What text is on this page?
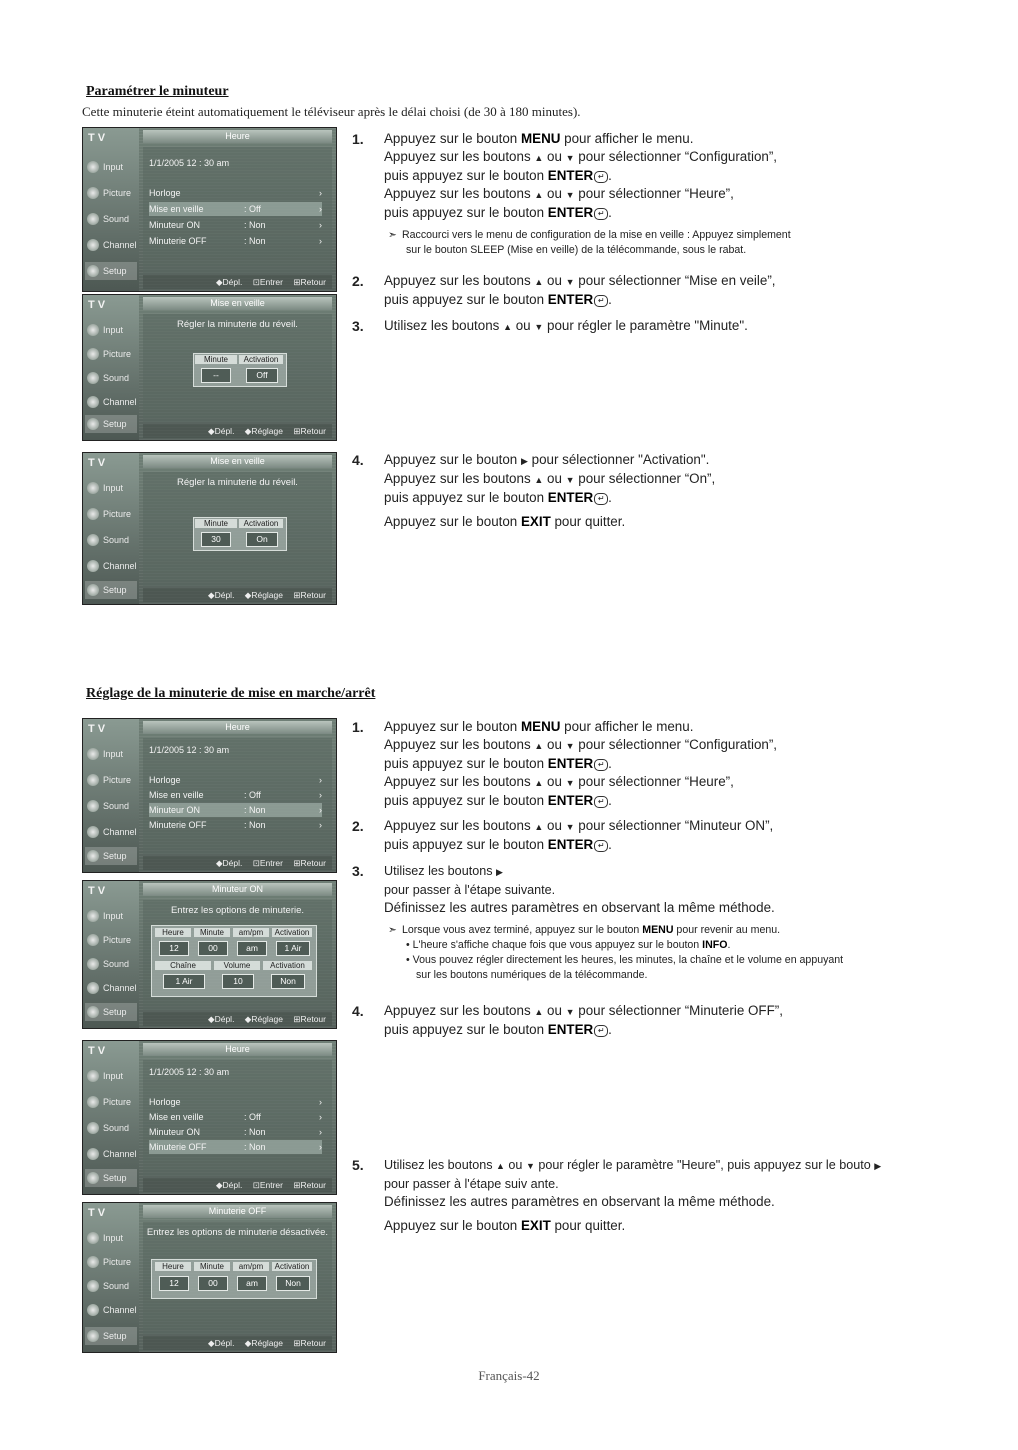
Paramétrer le minuteur
Cette minuterie éteint automatiquement le téléviseur après le délai choisi (de 30 à 180 minutes).
T V	Heure
Input
Picture
Sound
Channel
Setup
1/1/2005 12 : 30 am
Horloge	›
Mise en veille	: Off	›
Minuteur ON	: Non	›
Minuterie OFF	: Non	›
◆Dépl. ⊡Entrer ⊞Retour
T V	Mise en veille
Input
Picture
Sound
Channel
Setup
Régler la minuterie du réveil.
Minute	Activation
--	Off
◆Dépl. ◆Réglage ⊞Retour
T V	Mise en veille
Input
Picture
Sound
Channel
Setup
Régler la minuterie du réveil.
Minute	Activation
30	On
◆Dépl. ◆Réglage ⊞Retour
1. Appuyez sur le bouton MENU pour afficher le menu.
Appuyez sur les boutons ▲ ou ▼ pour sélectionner “Configuration”,
puis appuyez sur le bouton ENTER ↵ .
Appuyez sur les boutons ▲ ou ▼ pour sélectionner “Heure”,
puis appuyez sur le bouton ENTER ↵ .
➣ Raccourci vers le menu de configuration de la mise en veille : Appuyez simplement
sur le bouton SLEEP (Mise en veille) de la télécommande, sous le rabat.
2. Appuyez sur les boutons ▲ ou ▼ pour sélectionner “Mise en veile”,
puis appuyez sur le bouton ENTER ↵ .
3. Utilisez les boutons ▲ ou ▼ pour régler le paramètre "Minute".
4. Appuyez sur le bouton ▶ pour sélectionner "Activation".
Appuyez sur les boutons ▲ ou ▼ pour sélectionner “On”,
puis appuyez sur le bouton ENTER ↵ .
Appuyez sur le bouton EXIT pour quitter.
Réglage de la minuterie de mise en marche/arrêt
T V	Heure
Input
Picture
Sound
Channel
Setup
1/1/2005 12 : 30 am
Horloge	›
Mise en veille	: Off	›
Minuteur ON	: Non	›
Minuterie OFF	: Non	›
◆Dépl. ⊡Entrer ⊞Retour
T V	Minuteur ON
Input
Picture
Sound
Channel
Setup
Entrez les options de minuterie.
Heure	Minute	am/pm	Activation
12	00	am	1 Air
Chaîne	Volume	Activation
1 Air	10	Non
◆Dépl. ◆Réglage ⊞Retour
T V	Heure
Input
Picture
Sound
Channel
Setup
1/1/2005 12 : 30 am
Horloge	›
Mise en veille	: Off	›
Minuteur ON	: Non	›
Minuterie OFF	: Non	›
◆Dépl. ⊡Entrer ⊞Retour
T V	Minuterie OFF
Input
Picture
Sound
Channel
Setup
Entrez les options de minuterie désactivée.
Heure	Minute	am/pm	Activation
12	00	am	Non
◆Dépl. ◆Réglage ⊞Retour
1. Appuyez sur le bouton MENU pour afficher le menu.
Appuyez sur les boutons ▲ ou ▼ pour sélectionner “Configuration”,
puis appuyez sur le bouton ENTER ↵ .
Appuyez sur les boutons ▲ ou ▼ pour sélectionner “Heure”,
puis appuyez sur le bouton ENTER ↵ .
2. Appuyez sur les boutons ▲ ou ▼ pour sélectionner “Minuteur ON”,
puis appuyez sur le bouton ENTER ↵ .
3. Utilisez les boutons ▶
pour passer à l'étape suivante.
Définissez les autres paramètres en observant la même méthode.
➣ Lorsque vous avez terminé, appuyez sur le bouton MENU pour revenir au menu.
• L'heure s'affiche chaque fois que vous appuyez sur le bouton INFO.
• Vous pouvez régler directement les heures, les minutes, la chaîne et le volume en appuyant
sur les boutons numériques de la télécommande.
4. Appuyez sur les boutons ▲ ou ▼ pour sélectionner “Minuterie OFF”,
puis appuyez sur le bouton ENTER ↵ .
5. Utilisez les boutons ▲ ou ▼ pour régler le paramètre "Heure", puis appuyez sur le bouto ▶
pour passer à l'étape suiv ante.
Définissez les autres paramètres en observant la même méthode.
Appuyez sur le bouton EXIT pour quitter.
Français-42
